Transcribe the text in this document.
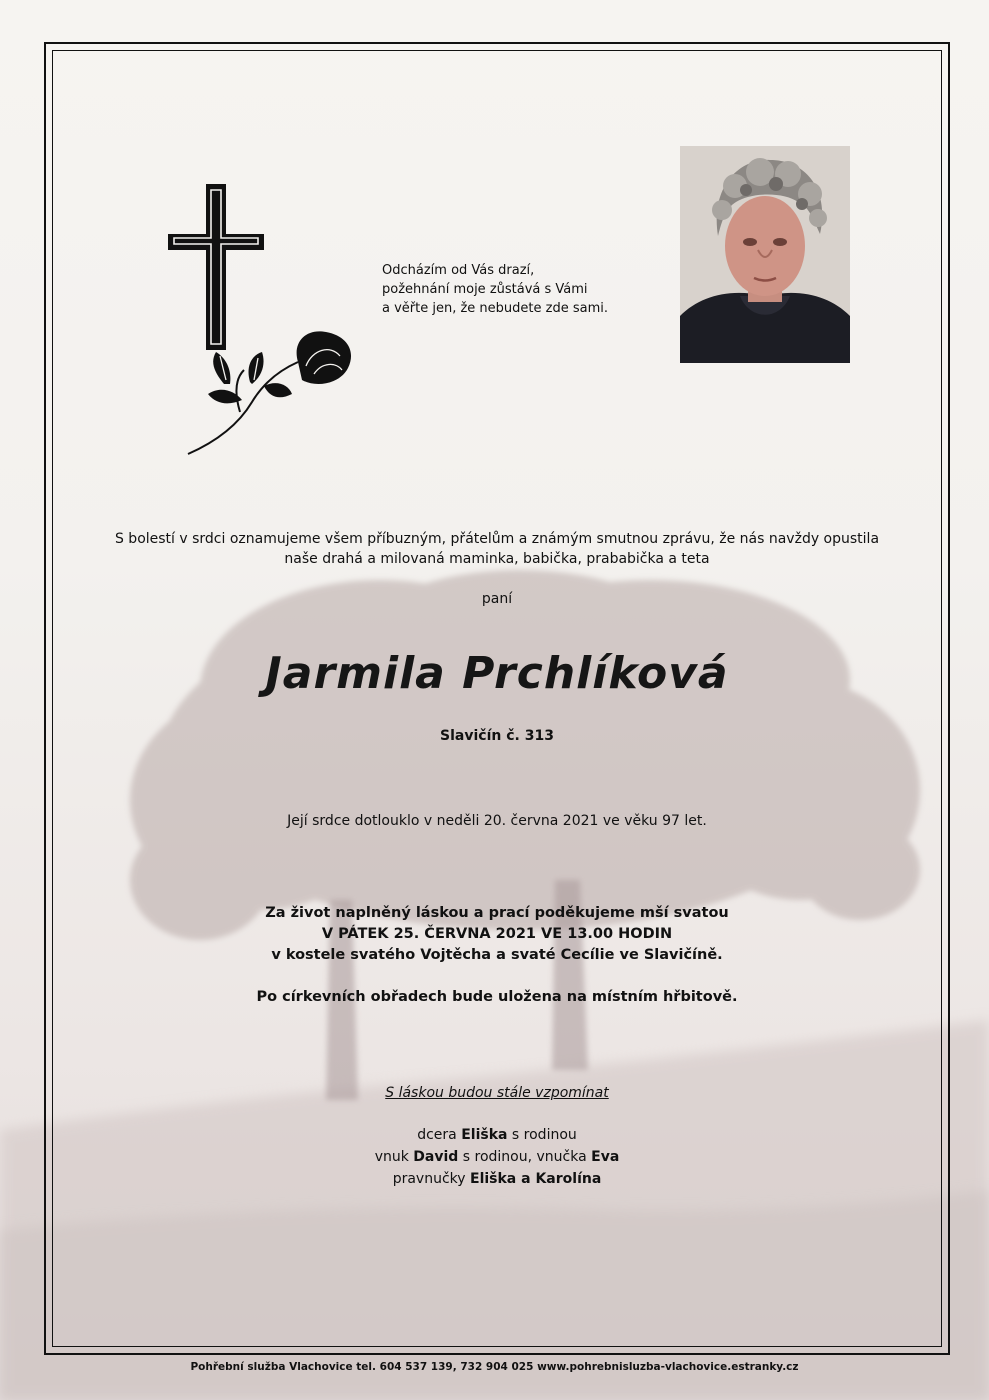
Odcházím od Vás drazí,
požehnání moje zůstává s Vámi
a věřte jen, že nebudete zde sami.
S bolestí v srdci oznamujeme všem příbuzným, přátelům a známým smutnou zprávu, že nás navždy opustila
naše drahá a milovaná maminka, babička, prababička a teta
paní
Jarmila Prchlíková
Slavičín č. 313
Její srdce dotlouklo v neděli 20. června 2021 ve věku 97 let.
Za život naplněný láskou a prací poděkujeme mší svatou
V PÁTEK 25. ČERVNA 2021 VE 13.00 HODIN
v kostele svatého Vojtěcha a svaté Cecílie ve Slavičíně.
Po církevních obřadech bude uložena na místním hřbitově.
S láskou budou stále vzpomínat
dcera Eliška s rodinou
vnuk David s rodinou, vnučka Eva
pravnučky Eliška a Karolína
Pohřební služba Vlachovice tel. 604 537 139, 732 904 025 www.pohrebnisluzba-vlachovice.estranky.cz
